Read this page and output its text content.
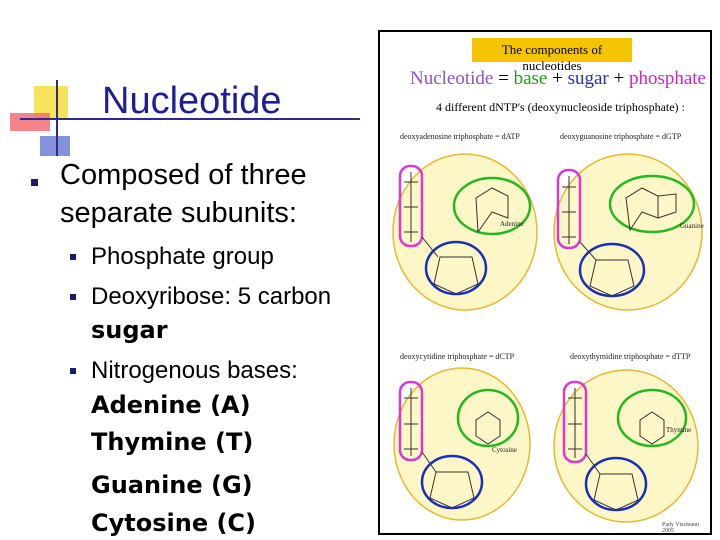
Nucleotide
Composed of three
separate subunits:
Phosphate group
Deoxyribose: 5 carbon
sugar
Nitrogenous bases:
Adenine (A)
Thymine (T)
Guanine (G)
Cytosine (C)
The components of nucleotides
Nucleotide = base + sugar + phosphate
4 different dNTP's (deoxynucleoside triphosphate) :
deoxyadenosine triphosphate = dATP	deoxyguanosine triphosphate = dGTP
deoxycytidine triphosphate = dCTP	deoxythymidine triphosphate = dTTP
Adenine	Guanine
Cytosine
Thymine
Pady Vissmann 2005
